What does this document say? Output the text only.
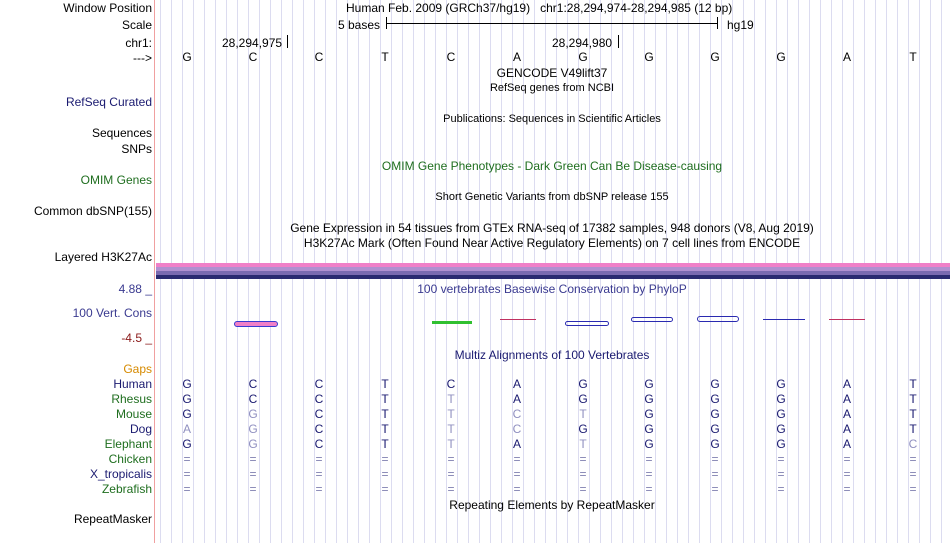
Window Position
Scale
chr1:
--->
Human Feb. 2009 (GRCh37/hg19) chr1:28,294,974-28,294,985 (12 bp)
5 bases	hg19
28,294,975	28,294,980
G	C	C	T	C	A	G	G	G	G	A	T
GENCODE V49lift37
RefSeq genes from NCBI
RefSeq Curated
Publications: Sequences in Scientific Articles
Sequences
SNPs
OMIM Gene Phenotypes - Dark Green Can Be Disease-causing
OMIM Genes
Short Genetic Variants from dbSNP release 155
Common dbSNP(155)
Gene Expression in 54 tissues from GTEx RNA-seq of 17382 samples, 948 donors (V8, Aug 2019)
H3K27Ac Mark (Often Found Near Active Regulatory Elements) on 7 cell lines from ENCODE
Layered H3K27Ac
100 vertebrates Basewise Conservation by PhyloP
4.88 _
100 Vert. Cons
-4.5 _
Multiz Alignments of 100 Vertebrates
Gaps
Human	G	C	C	T	C	A	G	G	G	G	A	T
Rhesus	G	C	C	T	T	A	G	G	G	G	A	T
Mouse	G	G	C	T	T	C	T	G	G	G	A	T
Dog	A	G	C	T	T	C	G	G	G	G	A	T
Elephant	G	G	C	T	T	A	T	G	G	G	A	C
Chicken	=	=	=	=	=	=	=	=	=	=	=	=
X_tropicalis	=	=	=	=	=	=	=	=	=	=	=	=
Zebrafish	=	=	=	=	=	=	=	=	=	=	=	=
Repeating Elements by RepeatMasker
RepeatMasker
